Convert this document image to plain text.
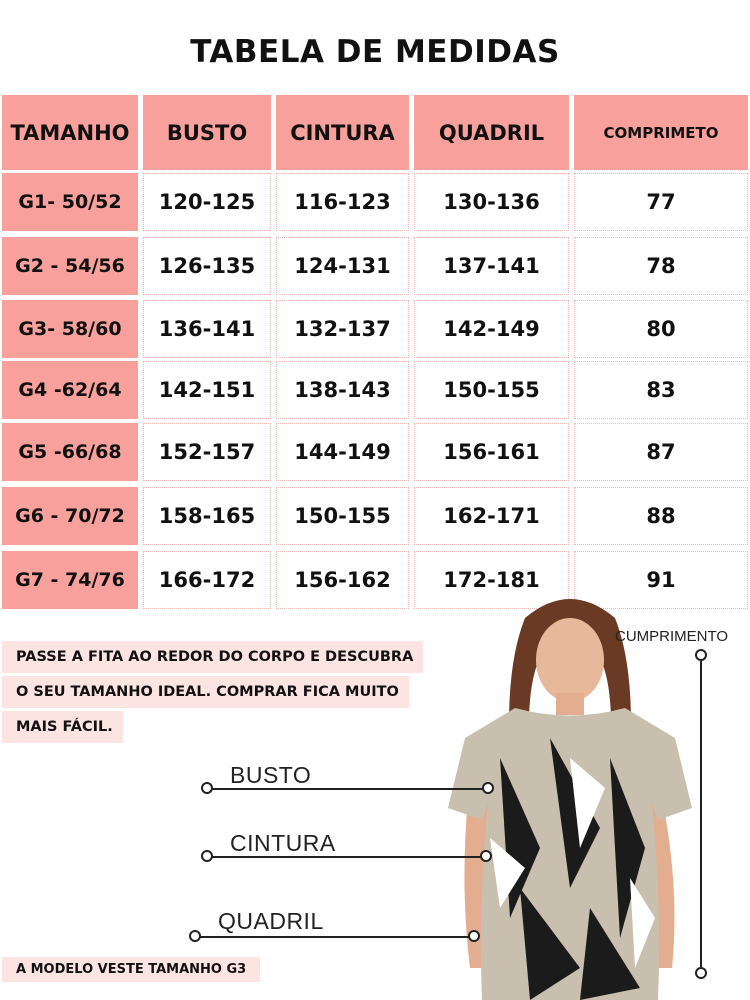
TABELA DE MEDIDAS
TAMANHO	BUSTO	CINTURA	QUADRIL	COMPRIMETO
G1- 50/52	120-125	116-123	130-136	77
G2 - 54/56	126-135	124-131	137-141	78
G3- 58/60	136-141	132-137	142-149	80
G4 -62/64	142-151	138-143	150-155	83
G5 -66/68	152-157	144-149	156-161	87
G6 - 70/72	158-165	150-155	162-171	88
G7 - 74/76	166-172	156-162	172-181	91
PASSE A FITA AO REDOR DO CORPO E DESCUBRA
O SEU TAMANHO IDEAL. COMPRAR FICA MUITO
MAIS FÁCIL.
BUSTO
CINTURA
QUADRIL
CUMPRIMENTO
A MODELO VESTE TAMANHO G3
